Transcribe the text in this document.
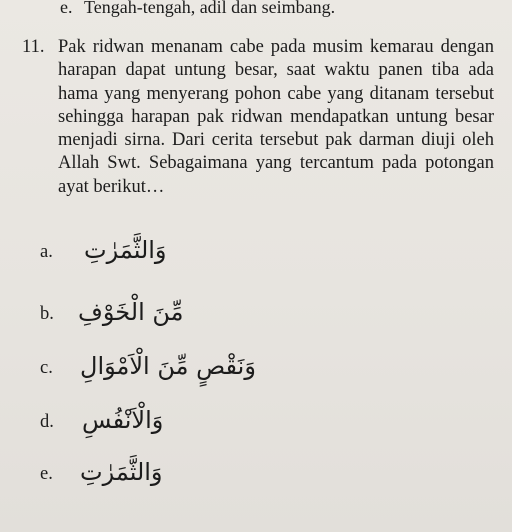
e. Tengah-tengah, adil dan seimbang.
11. Pak ridwan menanam cabe pada musim kemarau dengan harapan dapat untung besar, saat waktu panen tiba ada hama yang menyerang pohon cabe yang ditanam tersebut sehingga harapan pak ridwan mendapatkan untung besar menjadi sirna. Dari cerita tersebut pak darman diuji oleh Allah Swt. Sebagaimana yang tercantum pada potongan ayat berikut…
a. وَالثَّمَرٰتِ
b. مِّنَ الْخَوْفِ
c. وَنَقْصٍ مِّنَ الْاَمْوَالِ
d. وَالْاَنْفُسِ
e. وَالثَّمَرٰتِ
